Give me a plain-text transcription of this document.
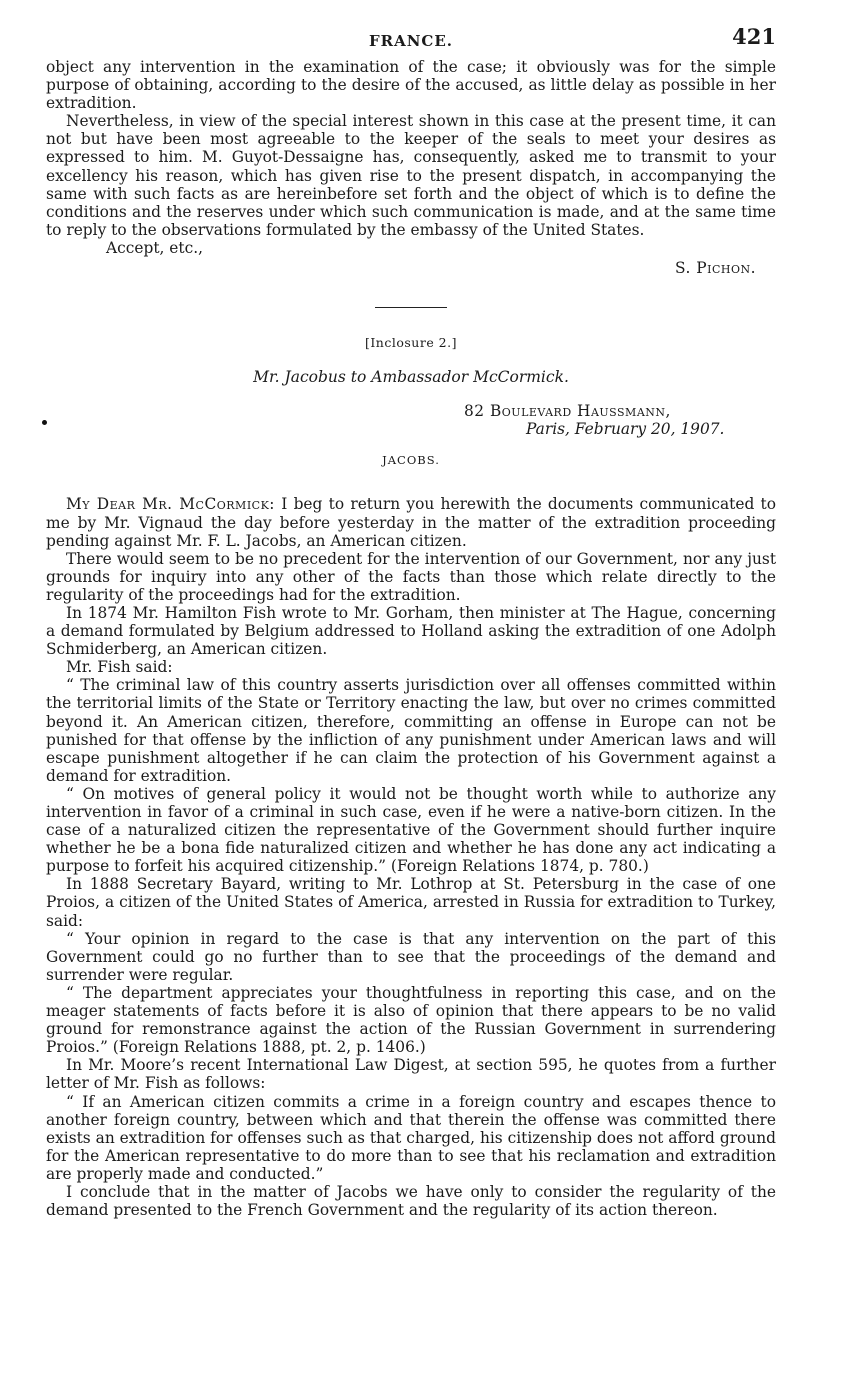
FRANCE.	421

object any intervention in the examination of the case; it obviously was for the simple purpose of obtaining, according to the desire of the accused, as little delay as possible in her extradition.

Nevertheless, in view of the special interest shown in this case at the present time, it can not but have been most agreeable to the keeper of the seals to meet your desires as expressed to him. M. Guyot-Dessaigne has, consequently, asked me to transmit to your excellency his reason, which has given rise to the present dispatch, in accompanying the same with such facts as are hereinbefore set forth and the object of which is to define the conditions and the reserves under which such communication is made, and at the same time to reply to the observations formulated by the embassy of the United States.

Accept, etc.,

S. Pichon.

[Inclosure 2.]
Mr. Jacobus to Ambassador McCormick.
82 Boulevard Haussmann,
Paris, February 20, 1907.
JACOBS.

My Dear Mr. McCormick: I beg to return you herewith the documents communicated to me by Mr. Vignaud the day before yesterday in the matter of the extradition proceeding pending against Mr. F. L. Jacobs, an American citizen.

There would seem to be no precedent for the intervention of our Government, nor any just grounds for inquiry into any other of the facts than those which relate directly to the regularity of the proceedings had for the extradition.

In 1874 Mr. Hamilton Fish wrote to Mr. Gorham, then minister at The Hague, concerning a demand formulated by Belgium addressed to Holland asking the extradition of one Adolph Schmiderberg, an American citizen.

Mr. Fish said:

“ The criminal law of this country asserts jurisdiction over all offenses committed within the territorial limits of the State or Territory enacting the law, but over no crimes committed beyond it. An American citizen, therefore, committing an offense in Europe can not be punished for that offense by the infliction of any punishment under American laws and will escape punishment altogether if he can claim the protection of his Government against a demand for extradition.

“ On motives of general policy it would not be thought worth while to authorize any intervention in favor of a criminal in such case, even if he were a native-born citizen. In the case of a naturalized citizen the representative of the Government should further inquire whether he be a bona fide naturalized citizen and whether he has done any act indicating a purpose to forfeit his acquired citizenship.” (Foreign Relations 1874, p. 780.)

In 1888 Secretary Bayard, writing to Mr. Lothrop at St. Petersburg in the case of one Proios, a citizen of the United States of America, arrested in Russia for extradition to Turkey, said:

“ Your opinion in regard to the case is that any intervention on the part of this Government could go no further than to see that the proceedings of the demand and surrender were regular.

“ The department appreciates your thoughtfulness in reporting this case, and on the meager statements of facts before it is also of opinion that there appears to be no valid ground for remonstrance against the action of the Russian Government in surrendering Proios.” (Foreign Relations 1888, pt. 2, p. 1406.)

In Mr. Moore’s recent International Law Digest, at section 595, he quotes from a further letter of Mr. Fish as follows:

“ If an American citizen commits a crime in a foreign country and escapes thence to another foreign country, between which and that therein the offense was committed there exists an extradition for offenses such as that charged, his citizenship does not afford ground for the American representative to do more than to see that his reclamation and extradition are properly made and conducted.”

I conclude that in the matter of Jacobs we have only to consider the regularity of the demand presented to the French Government and the regularity of its action thereon.
